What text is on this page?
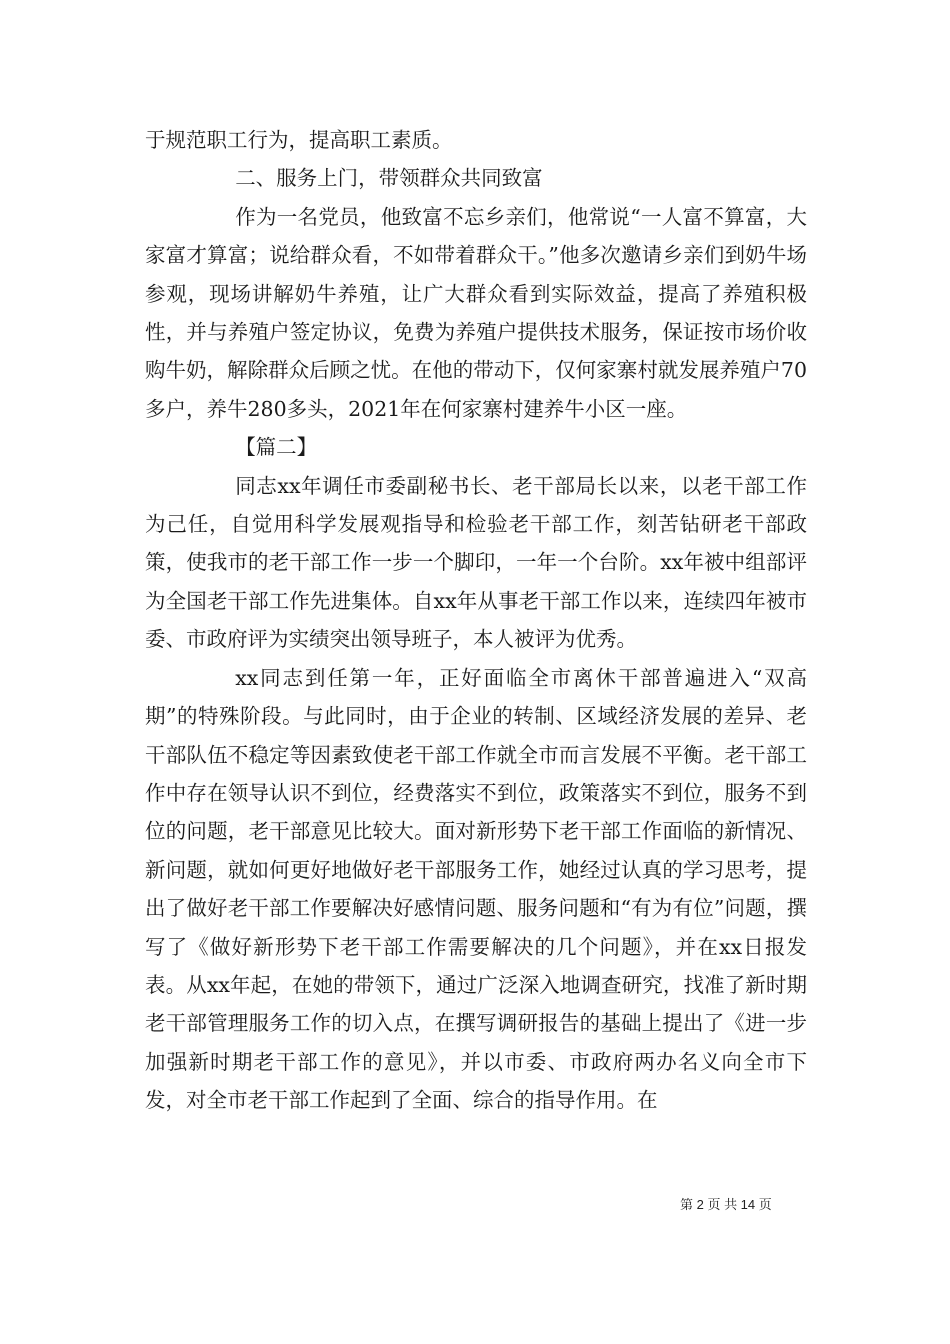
于规范职工行为，提高职工素质。

二、服务上门，带领群众共同致富

作为一名党员，他致富不忘乡亲们，他常说“一人富不算富，大家富才算富；说给群众看，不如带着群众干。”他多次邀请乡亲们到奶牛场参观，现场讲解奶牛养殖，让广大群众看到实际效益，提高了养殖积极性，并与养殖户签定协议，免费为养殖户提供技术服务，保证按市场价收购牛奶，解除群众后顾之忧。在他的带动下，仅何家寨村就发展养殖户70多户，养牛280多头，2021年在何家寨村建养牛小区一座。

【篇二】

同志xx年调任市委副秘书长、老干部局长以来，以老干部工作为己任，自觉用科学发展观指导和检验老干部工作，刻苦钻研老干部政策，使我市的老干部工作一步一个脚印，一年一个台阶。xx年被中组部评为全国老干部工作先进集体。自xx年从事老干部工作以来，连续四年被市委、市政府评为实绩突出领导班子，本人被评为优秀。

xx同志到任第一年，正好面临全市离休干部普遍进入“双高期”的特殊阶段。与此同时，由于企业的转制、区域经济发展的差异、老干部队伍不稳定等因素致使老干部工作就全市而言发展不平衡。老干部工作中存在领导认识不到位，经费落实不到位，政策落实不到位，服务不到位的问题，老干部意见比较大。面对新形势下老干部工作面临的新情况、新问题，就如何更好地做好老干部服务工作，她经过认真的学习思考，提出了做好老干部工作要解决好感情问题、服务问题和“有为有位”问题，撰写了《做好新形势下老干部工作需要解决的几个问题》，并在xx日报发表。从xx年起，在她的带领下，通过广泛深入地调查研究，找准了新时期老干部管理服务工作的切入点，在撰写调研报告的基础上提出了《进一步加强新时期老干部工作的意见》，并以市委、市政府两办名义向全市下发，对全市老干部工作起到了全面、综合的指导作用。在

第 2 页 共 14 页
